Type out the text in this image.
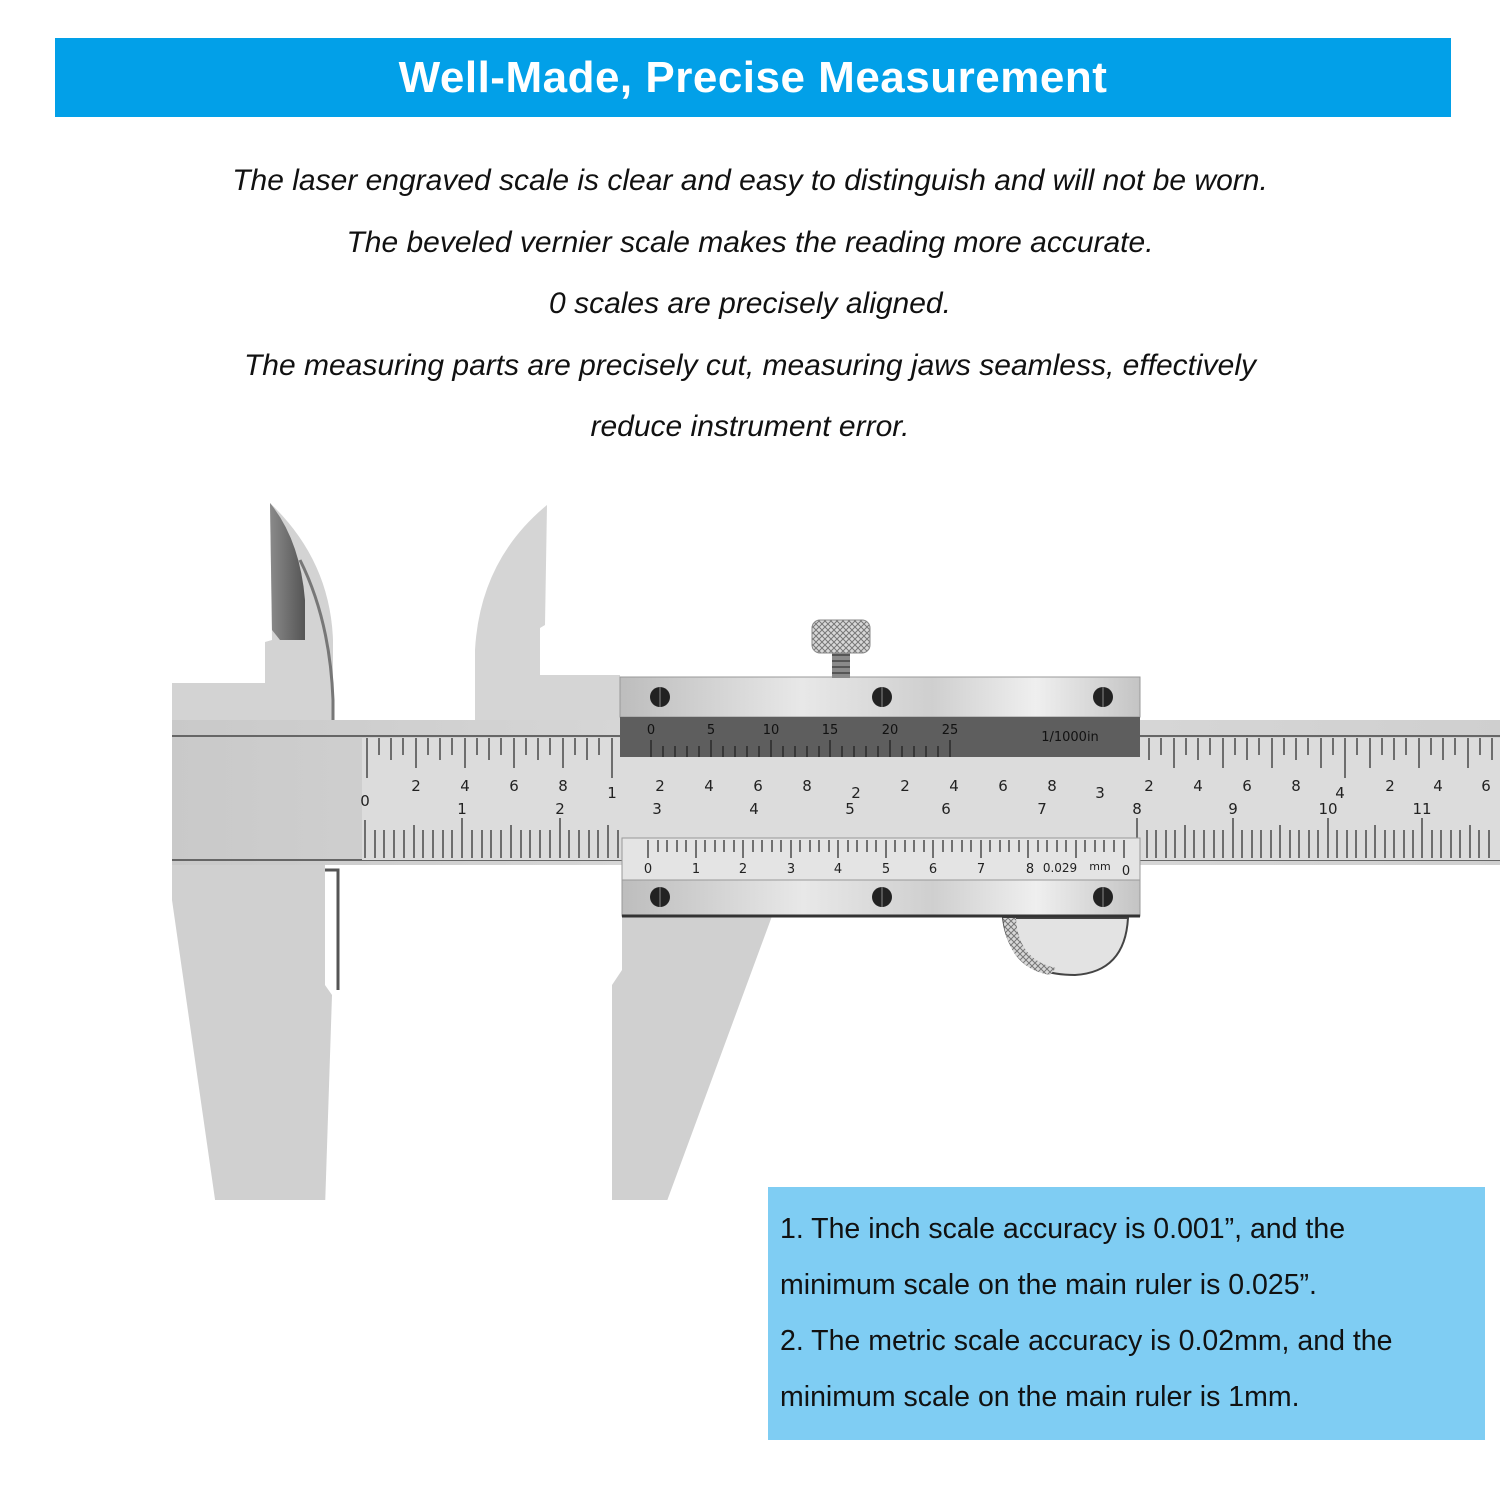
Well-Made, Precise Measurement

The laser engraved scale is clear and easy to distinguish and will not be worn.

The beveled vernier scale makes the reading more accurate.

0 scales are precisely aligned.

The measuring parts are precisely cut, measuring jaws seamless, effectively

reduce instrument error.

2	4	6	8	1	2	4	6	8	2	2	4	6	8	3	2	4	6	8 4	2	4	6
0	1	2	3	4	5	6	7	8	9	10	11
0	5	10	15	20	25	1/1000in
0	1	2	3	4	5	6	7	8 0.029 mm 0

1. The inch scale accuracy is 0.001”, and the

minimum scale on the main ruler is 0.025”.

2. The metric scale accuracy is 0.02mm, and the

minimum scale on the main ruler is 1mm.
